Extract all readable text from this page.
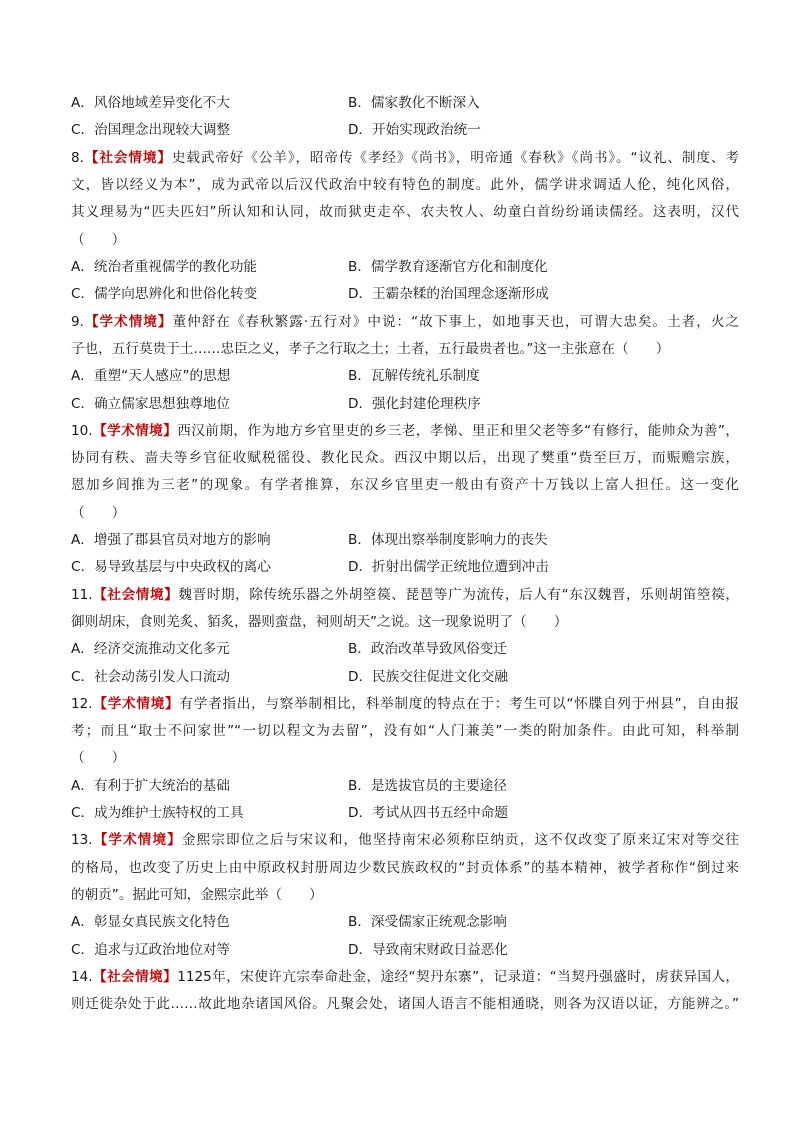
A．风俗地域差异变化不大	B．儒家教化不断深入
C．治国理念出现较大调整	D．开始实现政治统一
8.【社会情境】史载武帝好《公羊》，昭帝传《孝经》《尚书》，明帝通《春秋》《尚书》。“议礼、制度、考
文，皆以经义为本”，成为武帝以后汉代政治中较有特色的制度。此外，儒学讲求调适人伦，纯化风俗，
其义理易为“匹夫匹妇”所认知和认同，故而狱吏走卒、农夫牧人、幼童白首纷纷诵读儒经。这表明，汉代
（　　）
A．统治者重视儒学的教化功能	B．儒学教育逐渐官方化和制度化
C．儒学向思辨化和世俗化转变	D．王霸杂糅的治国理念逐渐形成
9.【学术情境】董仲舒在《春秋繁露·五行对》中说：“故下事上，如地事天也，可谓大忠矣。土者，火之
子也，五行莫贵于土……忠臣之义，孝子之行取之土；土者，五行最贵者也。”这一主张意在（　　）
A．重塑“天人感应”的思想	B．瓦解传统礼乐制度
C．确立儒家思想独尊地位	D．强化封建伦理秩序
10.【学术情境】西汉前期，作为地方乡官里吏的乡三老，孝悌、里正和里父老等多“有修行，能帅众为善”，
协同有秩、啬夫等乡官征收赋税徭役、教化民众。西汉中期以后，出现了樊重“赀至巨万，而赈赡宗族，
恩加乡闾推为三老”的现象。有学者推算，东汉乡官里吏一般由有资产十万钱以上富人担任。这一变化
（　　）
A．增强了郡县官员对地方的影响	B．体现出察举制度影响力的丧失
C．易导致基层与中央政权的离心	D．折射出儒学正统地位遭到冲击
11.【社会情境】魏晋时期，除传统乐器之外胡箜篌、琵琶等广为流传，后人有“东汉魏晋，乐则胡笛箜篌，
御则胡床，食则羌炙、貊炙，器则蛮盘，祠则胡天”之说。这一现象说明了（　　）
A．经济交流推动文化多元	B．政治改革导致风俗变迁
C．社会动荡引发人口流动	D．民族交往促进文化交融
12.【学术情境】有学者指出，与察举制相比，科举制度的特点在于：考生可以“怀牒自列于州县”，自由报
考；而且“取士不问家世”“一切以程文为去留”，没有如“人门兼美”一类的附加条件。由此可知，科举制
（　　）
A．有利于扩大统治的基础	B．是选拔官员的主要途径
C．成为维护士族特权的工具	D．考试从四书五经中命题
13.【学术情境】金熙宗即位之后与宋议和，他坚持南宋必须称臣纳贡，这不仅改变了原来辽宋对等交往
的格局，也改变了历史上由中原政权封册周边少数民族政权的“封贡体系”的基本精神，被学者称作“倒过来
的朝贡”。据此可知，金熙宗此举（　　）
A．彰显女真民族文化特色	B．深受儒家正统观念影响
C．追求与辽政治地位对等	D．导致南宋财政日益恶化
14.【社会情境】1125年，宋使许亢宗奉命赴金，途经“契丹东寨”，记录道：“当契丹强盛时，虏获异国人，
则迁徙杂处于此……故此地杂诸国风俗。凡聚会处，诸国人语言不能相通晓，则各为汉语以证，方能辨之。”
